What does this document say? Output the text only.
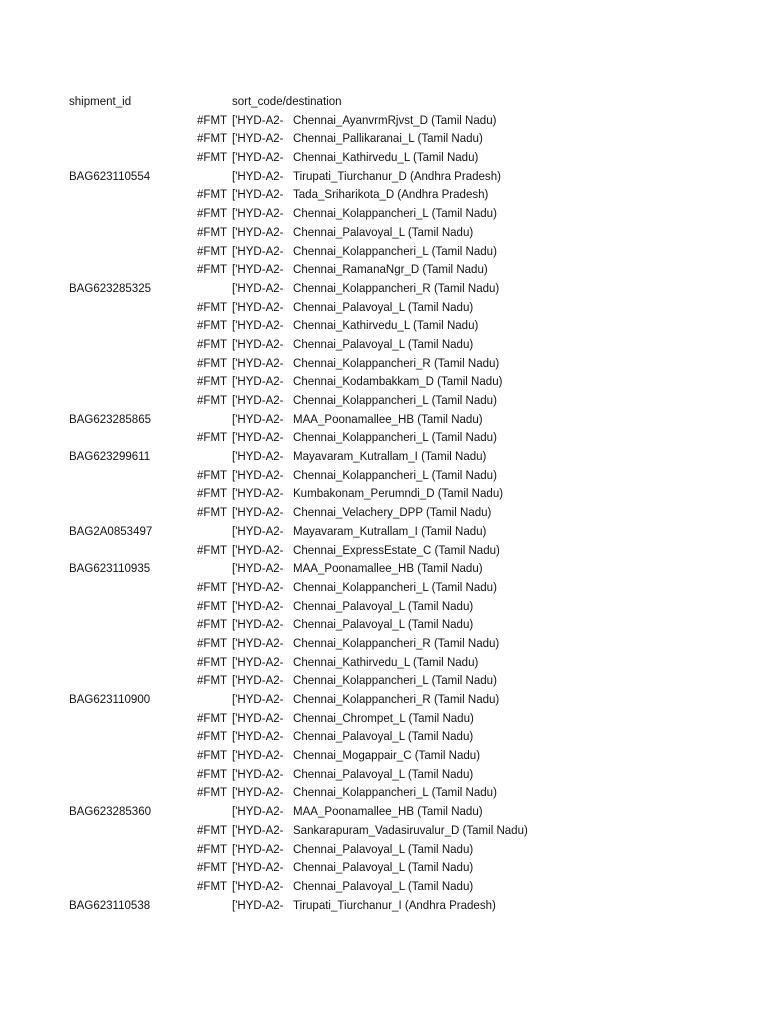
shipment_id	sort_code/destination
#FMT ['HYD-A2- Chennai_AyanvrmRjvst_D (Tamil Nadu)
#FMT ['HYD-A2- Chennai_Pallikaranai_L (Tamil Nadu)
#FMT ['HYD-A2- Chennai_Kathirvedu_L (Tamil Nadu)
BAG623110554	['HYD-A2- Tirupati_Tiurchanur_D (Andhra Pradesh)
#FMT ['HYD-A2- Tada_Sriharikota_D (Andhra Pradesh)
#FMT ['HYD-A2- Chennai_Kolappancheri_L (Tamil Nadu)
#FMT ['HYD-A2- Chennai_Palavoyal_L (Tamil Nadu)
#FMT ['HYD-A2- Chennai_Kolappancheri_L (Tamil Nadu)
#FMT ['HYD-A2- Chennai_RamanaNgr_D (Tamil Nadu)
BAG623285325	['HYD-A2- Chennai_Kolappancheri_R (Tamil Nadu)
#FMT ['HYD-A2- Chennai_Palavoyal_L (Tamil Nadu)
#FMT ['HYD-A2- Chennai_Kathirvedu_L (Tamil Nadu)
#FMT ['HYD-A2- Chennai_Palavoyal_L (Tamil Nadu)
#FMT ['HYD-A2- Chennai_Kolappancheri_R (Tamil Nadu)
#FMT ['HYD-A2- Chennai_Kodambakkam_D (Tamil Nadu)
#FMT ['HYD-A2- Chennai_Kolappancheri_L (Tamil Nadu)
BAG623285865	['HYD-A2- MAA_Poonamallee_HB (Tamil Nadu)
#FMT ['HYD-A2- Chennai_Kolappancheri_L (Tamil Nadu)
BAG623299611	['HYD-A2- Mayavaram_Kutrallam_I (Tamil Nadu)
#FMT ['HYD-A2- Chennai_Kolappancheri_L (Tamil Nadu)
#FMT ['HYD-A2- Kumbakonam_Perumndi_D (Tamil Nadu)
#FMT ['HYD-A2- Chennai_Velachery_DPP (Tamil Nadu)
BAG2A0853497	['HYD-A2- Mayavaram_Kutrallam_I (Tamil Nadu)
#FMT ['HYD-A2- Chennai_ExpressEstate_C (Tamil Nadu)
BAG623110935	['HYD-A2- MAA_Poonamallee_HB (Tamil Nadu)
#FMT ['HYD-A2- Chennai_Kolappancheri_L (Tamil Nadu)
#FMT ['HYD-A2- Chennai_Palavoyal_L (Tamil Nadu)
#FMT ['HYD-A2- Chennai_Palavoyal_L (Tamil Nadu)
#FMT ['HYD-A2- Chennai_Kolappancheri_R (Tamil Nadu)
#FMT ['HYD-A2- Chennai_Kathirvedu_L (Tamil Nadu)
#FMT ['HYD-A2- Chennai_Kolappancheri_L (Tamil Nadu)
BAG623110900	['HYD-A2- Chennai_Kolappancheri_R (Tamil Nadu)
#FMT ['HYD-A2- Chennai_Chrompet_L (Tamil Nadu)
#FMT ['HYD-A2- Chennai_Palavoyal_L (Tamil Nadu)
#FMT ['HYD-A2- Chennai_Mogappair_C (Tamil Nadu)
#FMT ['HYD-A2- Chennai_Palavoyal_L (Tamil Nadu)
#FMT ['HYD-A2- Chennai_Kolappancheri_L (Tamil Nadu)
BAG623285360	['HYD-A2- MAA_Poonamallee_HB (Tamil Nadu)
#FMT ['HYD-A2- Sankarapuram_Vadasiruvalur_D (Tamil Nadu)
#FMT ['HYD-A2- Chennai_Palavoyal_L (Tamil Nadu)
#FMT ['HYD-A2- Chennai_Palavoyal_L (Tamil Nadu)
#FMT ['HYD-A2- Chennai_Palavoyal_L (Tamil Nadu)
BAG623110538	['HYD-A2- Tirupati_Tiurchanur_I (Andhra Pradesh)
